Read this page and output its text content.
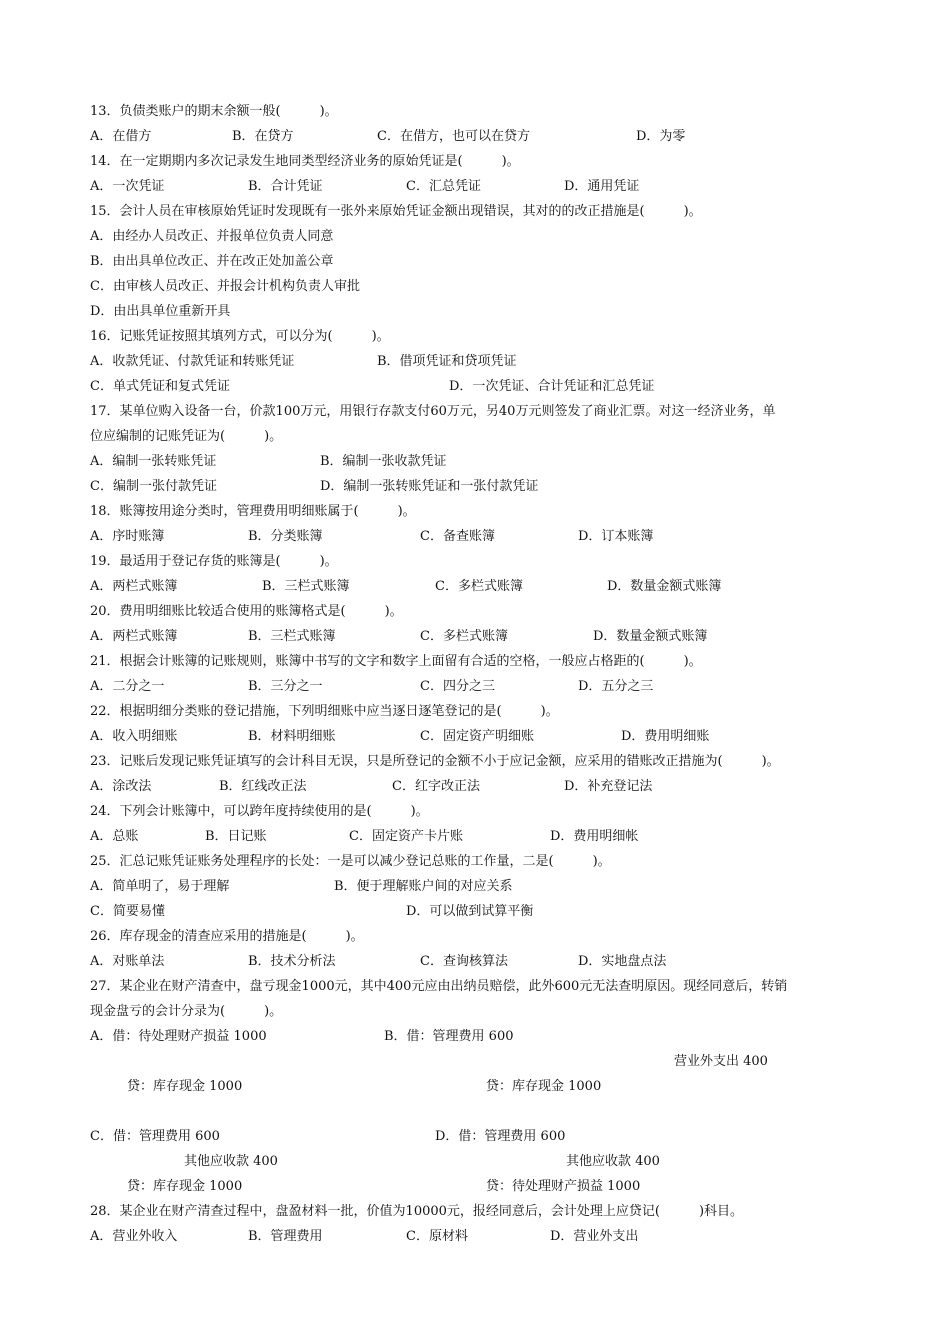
13．负债类账户的期末余额一般(　　　)。
A．在借方	B．在贷方	C．在借方，也可以在贷方	D．为零
14．在一定期期内多次记录发生地同类型经济业务的原始凭证是(　　　)。
A．一次凭证	B．合计凭证	C．汇总凭证	D．通用凭证
15．会计人员在审核原始凭证时发现既有一张外来原始凭证金额出现错误，其对的的改正措施是(　　　)。
A．由经办人员改正、并报单位负责人同意
B．由出具单位改正、并在改正处加盖公章
C．由审核人员改正、并报会计机构负责人审批
D．由出具单位重新开具
16．记账凭证按照其填列方式，可以分为(　　　)。
A．收款凭证、付款凭证和转账凭证	B．借项凭证和贷项凭证
C．单式凭证和复式凭证	D．一次凭证、合计凭证和汇总凭证
17．某单位购入设备一台，价款100万元，用银行存款支付60万元，另40万元则签发了商业汇票。对这一经济业务，单
位应编制的记账凭证为(　　　)。
A．编制一张转账凭证	B．编制一张收款凭证
C．编制一张付款凭证	D．编制一张转账凭证和一张付款凭证
18．账簿按用途分类时，管理费用明细账属于(　　　)。
A．序时账簿	B．分类账簿	C．备查账簿	D．订本账簿
19．最适用于登记存货的账簿是(　　　)。
A．两栏式账簿	B．三栏式账簿	C．多栏式账簿	D．数量金额式账簿
20．费用明细账比较适合使用的账簿格式是(　　　)。
A．两栏式账簿	B．三栏式账簿	C．多栏式账簿	D．数量金额式账簿
21．根据会计账簿的记账规则，账簿中书写的文字和数字上面留有合适的空格，一般应占格距的(　　　)。
A．二分之一	B．三分之一	C．四分之三	D．五分之三
22．根据明细分类账的登记措施，下列明细账中应当逐日逐笔登记的是(　　　)。
A．收入明细账	B．材料明细账	C．固定资产明细账	D．费用明细账
23．记账后发现记账凭证填写的会计科目无误，只是所登记的金额不小于应记金额，应采用的错账改正措施为(　　　)。
A．涂改法	B．红线改正法	C．红字改正法	D．补充登记法
24．下列会计账簿中，可以跨年度持续使用的是(　　　)。
A．总账	B．日记账	C．固定资产卡片账	D．费用明细帐
25．汇总记账凭证账务处理程序的长处：一是可以减少登记总账的工作量，二是(　　　)。
A．简单明了，易于理解	B．便于理解账户间的对应关系
C．简要易懂	D．可以做到试算平衡
26．库存现金的清查应采用的措施是(　　　)。
A．对账单法	B．技术分析法	C．查询核算法	D．实地盘点法
27．某企业在财产清查中，盘亏现金1000元，其中400元应由出纳员赔偿，此外600元无法查明原因。现经同意后，转销
现金盘亏的会计分录为(　　　)。
A．借：待处理财产损益 1000	B．借：管理费用 600
营业外支出 400
贷：库存现金 1000	贷：库存现金 1000
C．借：管理费用 600	D．借：管理费用 600
其他应收款 400	其他应收款 400
贷：库存现金 1000	贷：待处理财产损益 1000
28．某企业在财产清查过程中，盘盈材料一批，价值为10000元，报经同意后，会计处理上应贷记(　　　)科目。
A．营业外收入	B．管理费用	C．原材料	D．营业外支出
